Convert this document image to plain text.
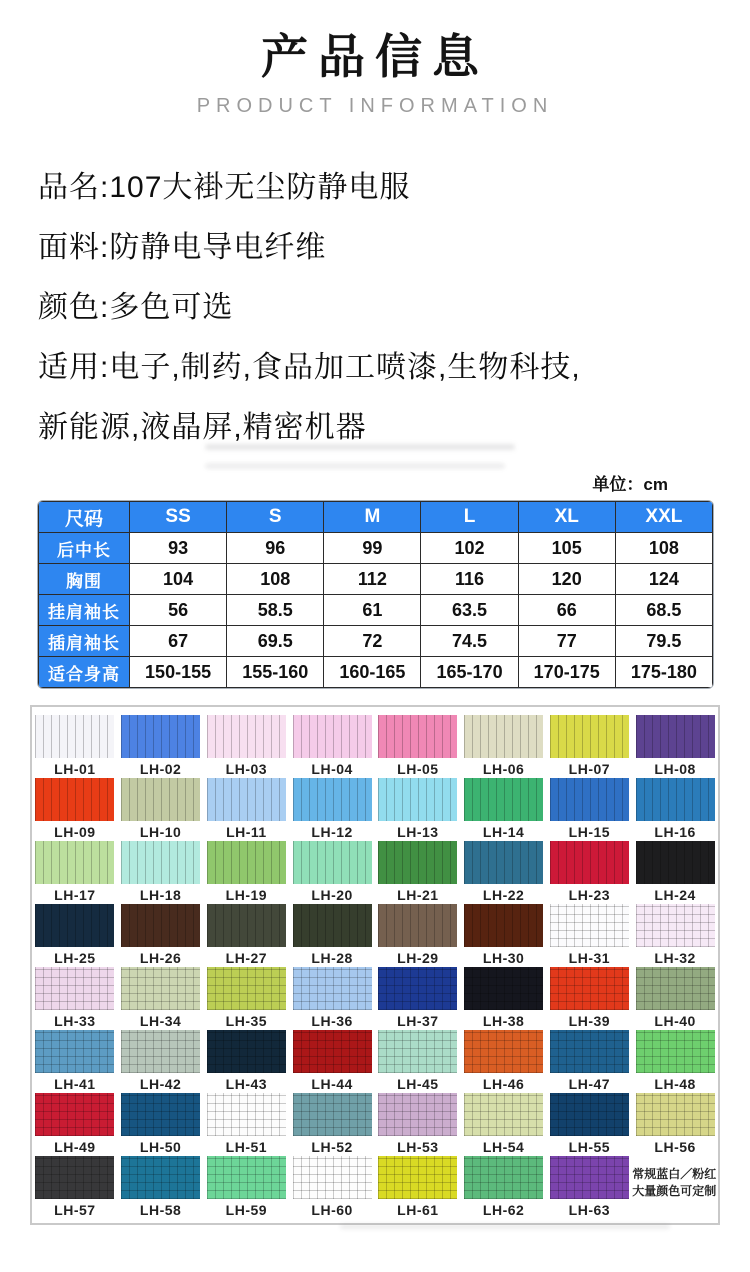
产品信息
PRODUCT INFORMATION

品名:107大褂无尘防静电服

面料:防静电导电纤维

颜色:多色可选

适用:电子,制药,食品加工喷漆,生物科技,

新能源,液晶屏,精密机器

单位：cm
尺码	SS	S	M	L	XL	XXL
后中长	93	96	99	102	105	108
胸围	104	108	112	116	120	124
挂肩袖长	56	58.5	61	63.5	66	68.5
插肩袖长	67	69.5	72	74.5	77	79.5
适合身高	150-155	155-160	160-165	165-170	170-175	175-180
LH-01	LH-02	LH-03	LH-04	LH-05	LH-06	LH-07	LH-08
LH-09	LH-10	LH-11	LH-12	LH-13	LH-14	LH-15	LH-16
LH-17	LH-18	LH-19	LH-20	LH-21	LH-22	LH-23	LH-24
LH-25	LH-26	LH-27	LH-28	LH-29	LH-30	LH-31	LH-32
LH-33	LH-34	LH-35	LH-36	LH-37	LH-38	LH-39	LH-40
LH-41	LH-42	LH-43	LH-44	LH-45	LH-46	LH-47	LH-48
LH-49	LH-50	LH-51	LH-52	LH-53	LH-54	LH-55	LH-56
LH-57	LH-58	LH-59	LH-60	LH-61	LH-62	LH-63
常规蓝白／粉红
大量颜色可定制
